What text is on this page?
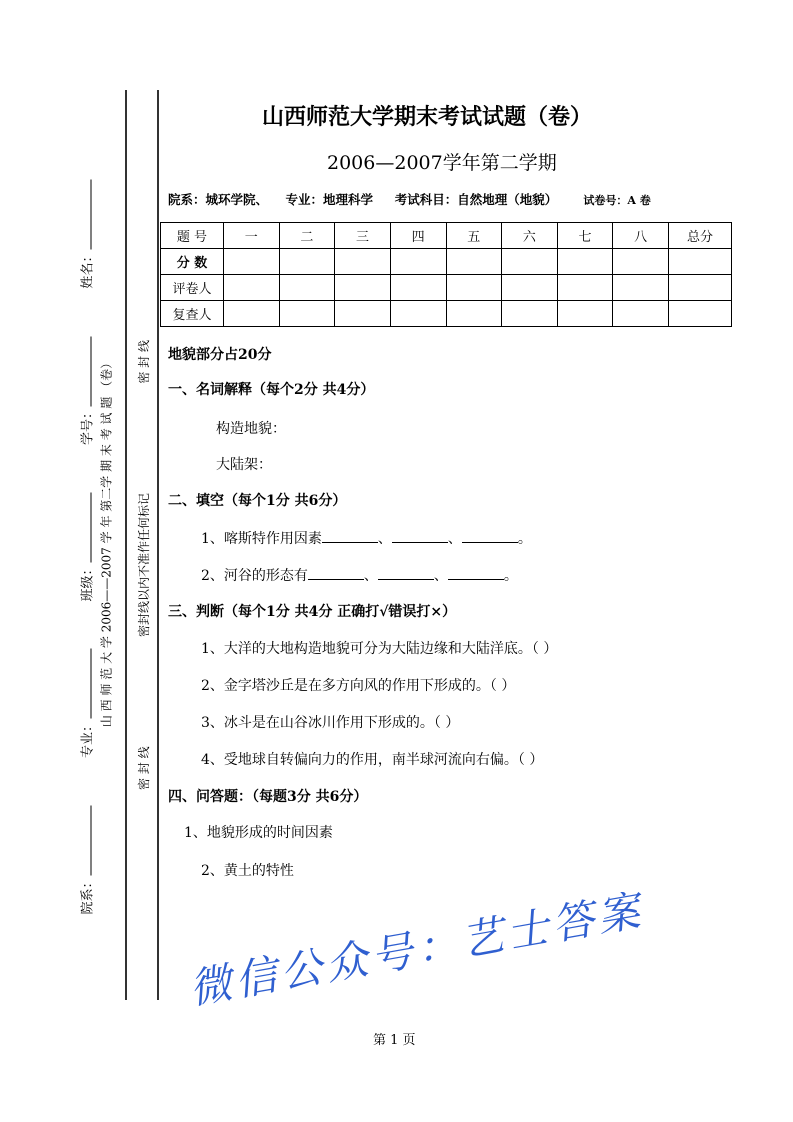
院系：
专业：
班级：
学号：
姓名：
山 西 师 范 大 学 2006——2007 学 年 第二学 期 末 考 试 题 （卷）
密 封 线
密封线以内不准作任何标记
密 封 线
山西师范大学期末考试试题（卷）
2006—2007学年第二学期
院系：城环学院、 专业：地理科学 考试科目：自然地理（地貌） 试卷号：A 卷
题 号	一	二	三	四	五	六	七	八	总分
分 数									
评卷人									
复查人									
地貌部分占20分
一、名词解释（每个2分 共4分）
构造地貌：
大陆架：
二、填空（每个1分 共6分）
1、喀斯特作用因素	、	、	。
2、河谷的形态有	、	、	。
三、判断（每个1分 共4分 正确打√错误打×）
1、大洋的大地构造地貌可分为大陆边缘和大陆洋底。（ ）
2、金字塔沙丘是在多方向风的作用下形成的。（ ）
3、冰斗是在山谷冰川作用下形成的。（ ）
4、受地球自转偏向力的作用，南半球河流向右偏。（ ）
四、问答题：（每题3分 共6分）
1、地貌形成的时间因素
2、黄土的特性
第 1 页
微信公众号：艺士答案
